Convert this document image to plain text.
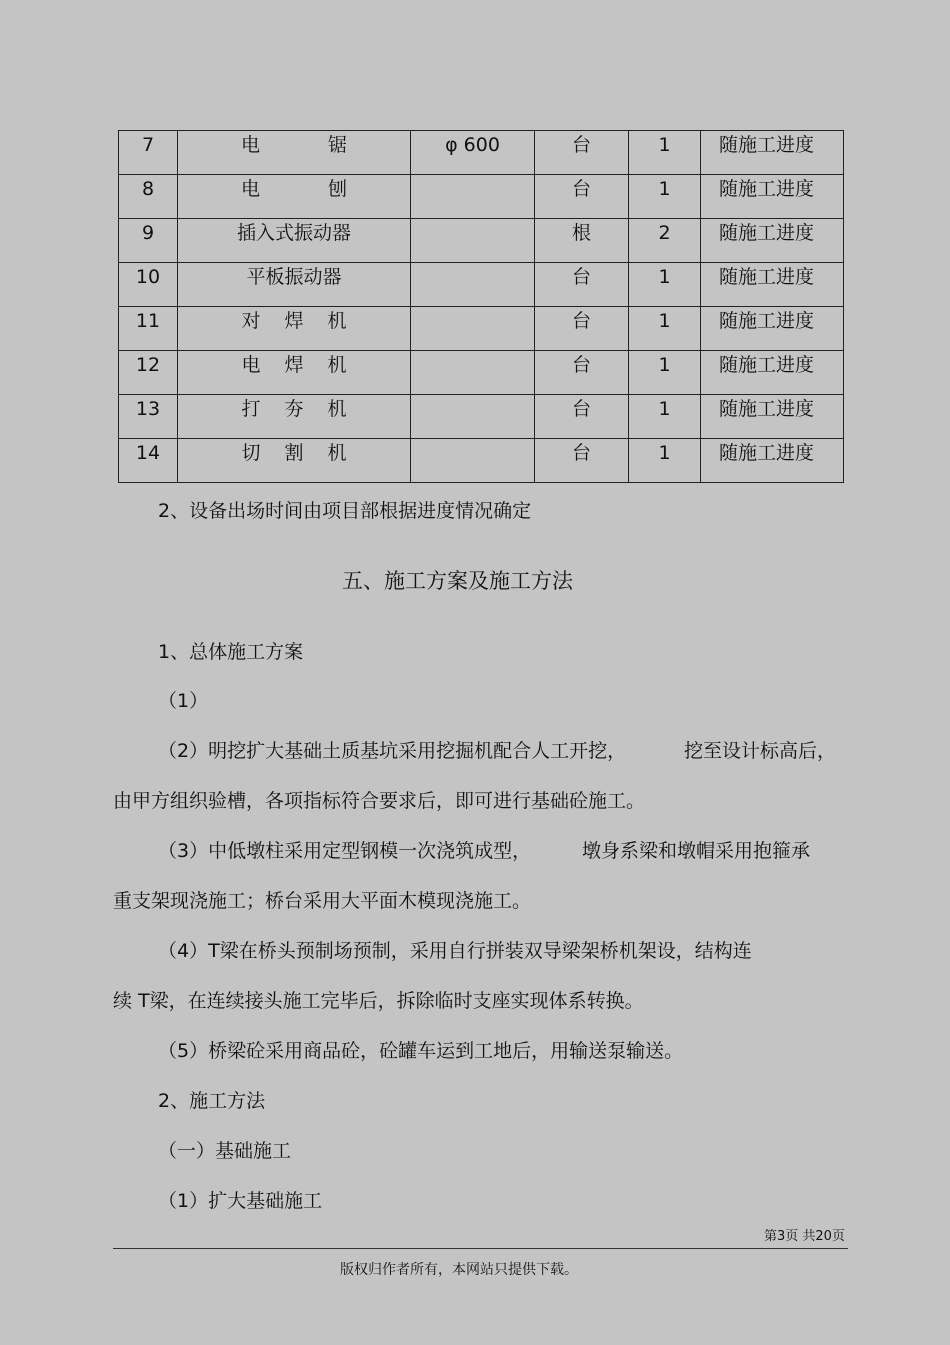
7	电 锯	φ 600	台	1	随施工进度
8	电 刨		台	1	随施工进度
9	插入式振动器		根	2	随施工进度
10	平板振动器		台	1	随施工进度
11	对 焊 机		台	1	随施工进度
12	电 焊 机		台	1	随施工进度
13	打 夯 机		台	1	随施工进度
14	切 割 机		台	1	随施工进度
2、设备出场时间由项目部根据进度情况确定
五、施工方案及施工方法
1、总体施工方案
（1）
（2）明挖扩大基础土质基坑采用挖掘机配合人工开挖，	挖至设计标高后，
由甲方组织验槽，各项指标符合要求后，即可进行基础砼施工。
（3）中低墩柱采用定型钢模一次浇筑成型，	墩身系梁和墩帽采用抱箍承
重支架现浇施工；桥台采用大平面木模现浇施工。
（4）T梁在桥头预制场预制，采用自行拼装双导梁架桥机架设，结构连
续 T梁，在连续接头施工完毕后，拆除临时支座实现体系转换。
（5）桥梁砼采用商品砼，砼罐车运到工地后，用输送泵输送。
2、施工方法
（一）基础施工
（1）扩大基础施工
第3页 共20页
版权归作者所有，本网站只提供下载。
